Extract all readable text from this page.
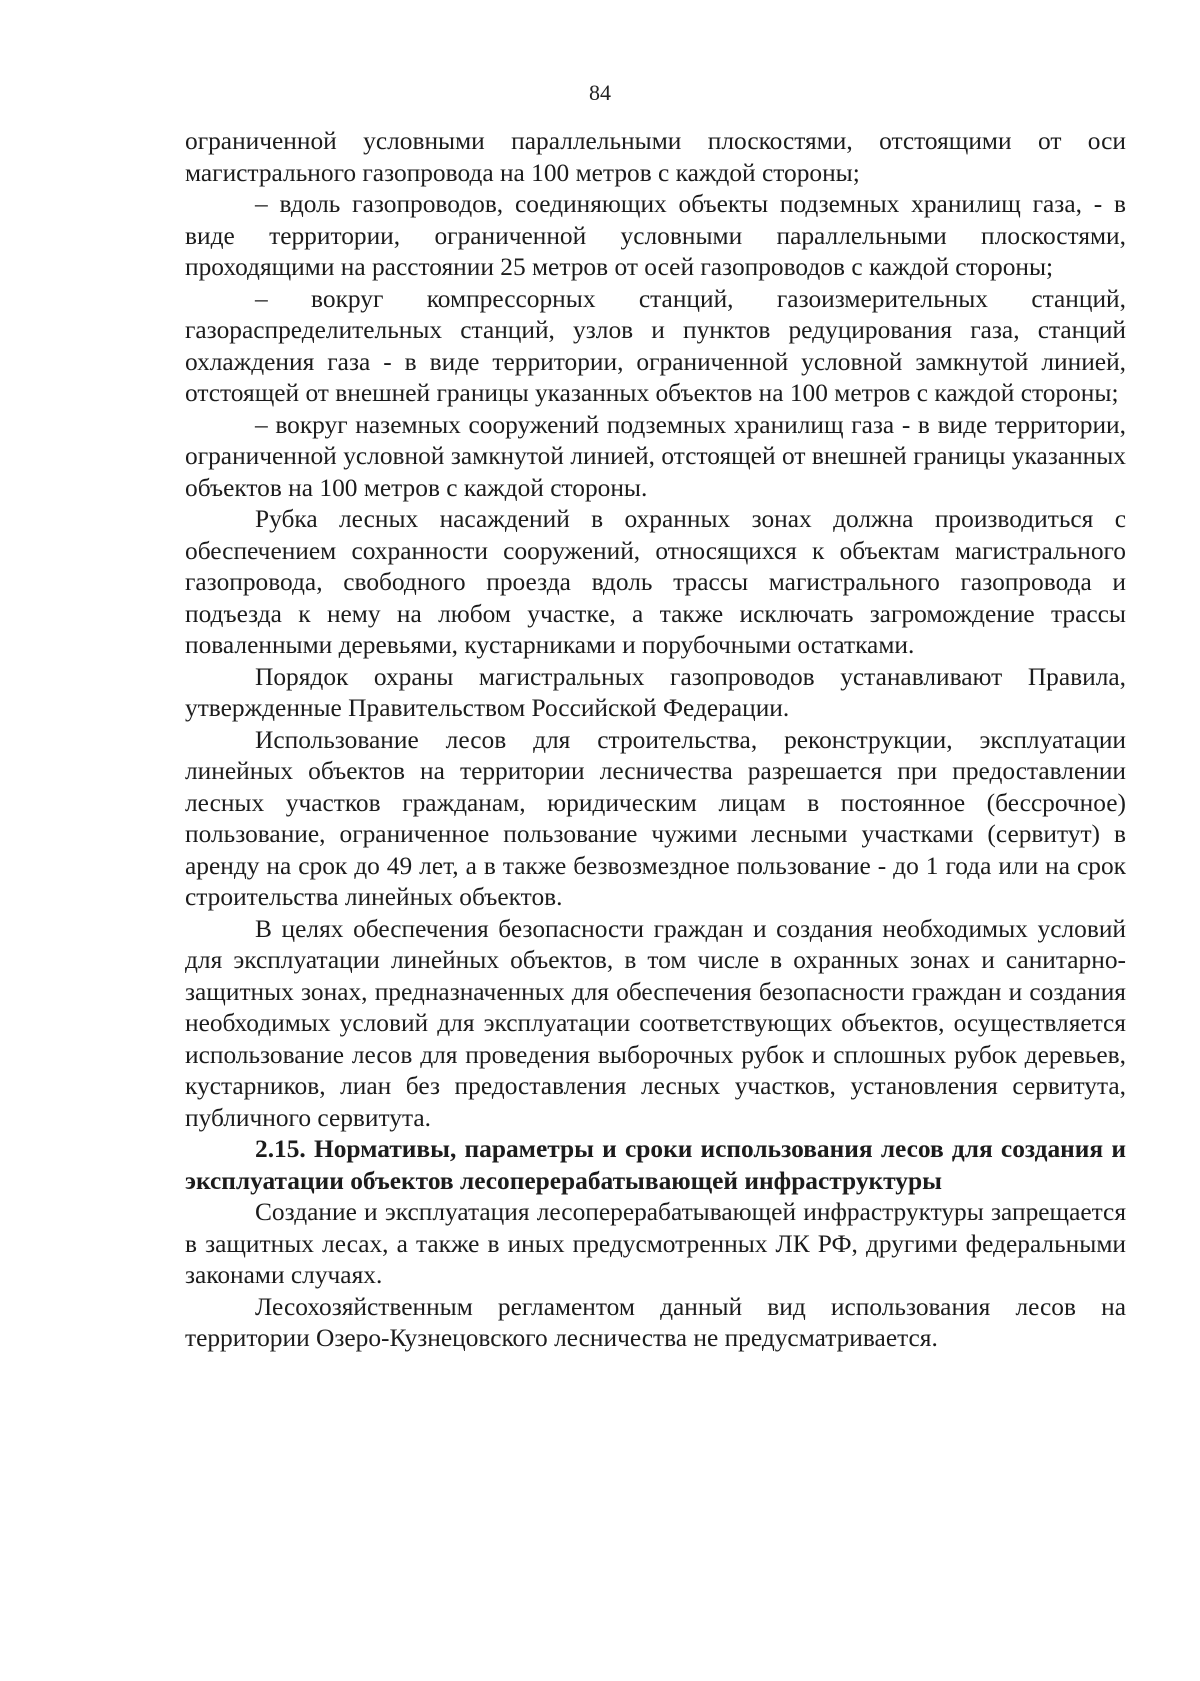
84

ограниченной условными параллельными плоскостями, отстоящими от оси магистрального газопровода на 100 метров с каждой стороны;

– вдоль газопроводов, соединяющих объекты подземных хранилищ газа, - в виде территории, ограниченной условными параллельными плоскостями, проходящими на расстоянии 25 метров от осей газопроводов с каждой стороны;

– вокруг компрессорных станций, газоизмерительных станций, газораспределительных станций, узлов и пунктов редуцирования газа, станций охлаждения газа - в виде территории, ограниченной условной замкнутой линией, отстоящей от внешней границы указанных объектов на 100 метров с каждой стороны;

– вокруг наземных сооружений подземных хранилищ газа - в виде территории, ограниченной условной замкнутой линией, отстоящей от внешней границы указанных объектов на 100 метров с каждой стороны.

Рубка лесных насаждений в охранных зонах должна производиться с обеспечением сохранности сооружений, относящихся к объектам магистрального газопровода, свободного проезда вдоль трассы магистрального газопровода и подъезда к нему на любом участке, а также исключать загромождение трассы поваленными деревьями, кустарниками и порубочными остатками.

Порядок охраны магистральных газопроводов устанавливают Правила, утвержденные Правительством Российской Федерации.

Использование лесов для строительства, реконструкции, эксплуатации линейных объектов на территории лесничества разрешается при предоставлении лесных участков гражданам, юридическим лицам в постоянное (бессрочное) пользование, ограниченное пользование чужими лесными участками (сервитут) в аренду на срок до 49 лет, а в также безвозмездное пользование - до 1 года или на срок строительства линейных объектов.

В целях обеспечения безопасности граждан и создания необходимых условий для эксплуатации линейных объектов, в том числе в охранных зонах и санитарно-защитных зонах, предназначенных для обеспечения безопасности граждан и создания необходимых условий для эксплуатации соответствующих объектов, осуществляется использование лесов для проведения выборочных рубок и сплошных рубок деревьев, кустарников, лиан без предоставления лесных участков, установления сервитута, публичного сервитута.

2.15. Нормативы, параметры и сроки использования лесов для создания и эксплуатации объектов лесоперерабатывающей инфраструктуры

Создание и эксплуатация лесоперерабатывающей инфраструктуры запрещается в защитных лесах, а также в иных предусмотренных ЛК РФ, другими федеральными законами случаях.

Лесохозяйственным регламентом данный вид использования лесов на территории Озеро-Кузнецовского лесничества не предусматривается.
